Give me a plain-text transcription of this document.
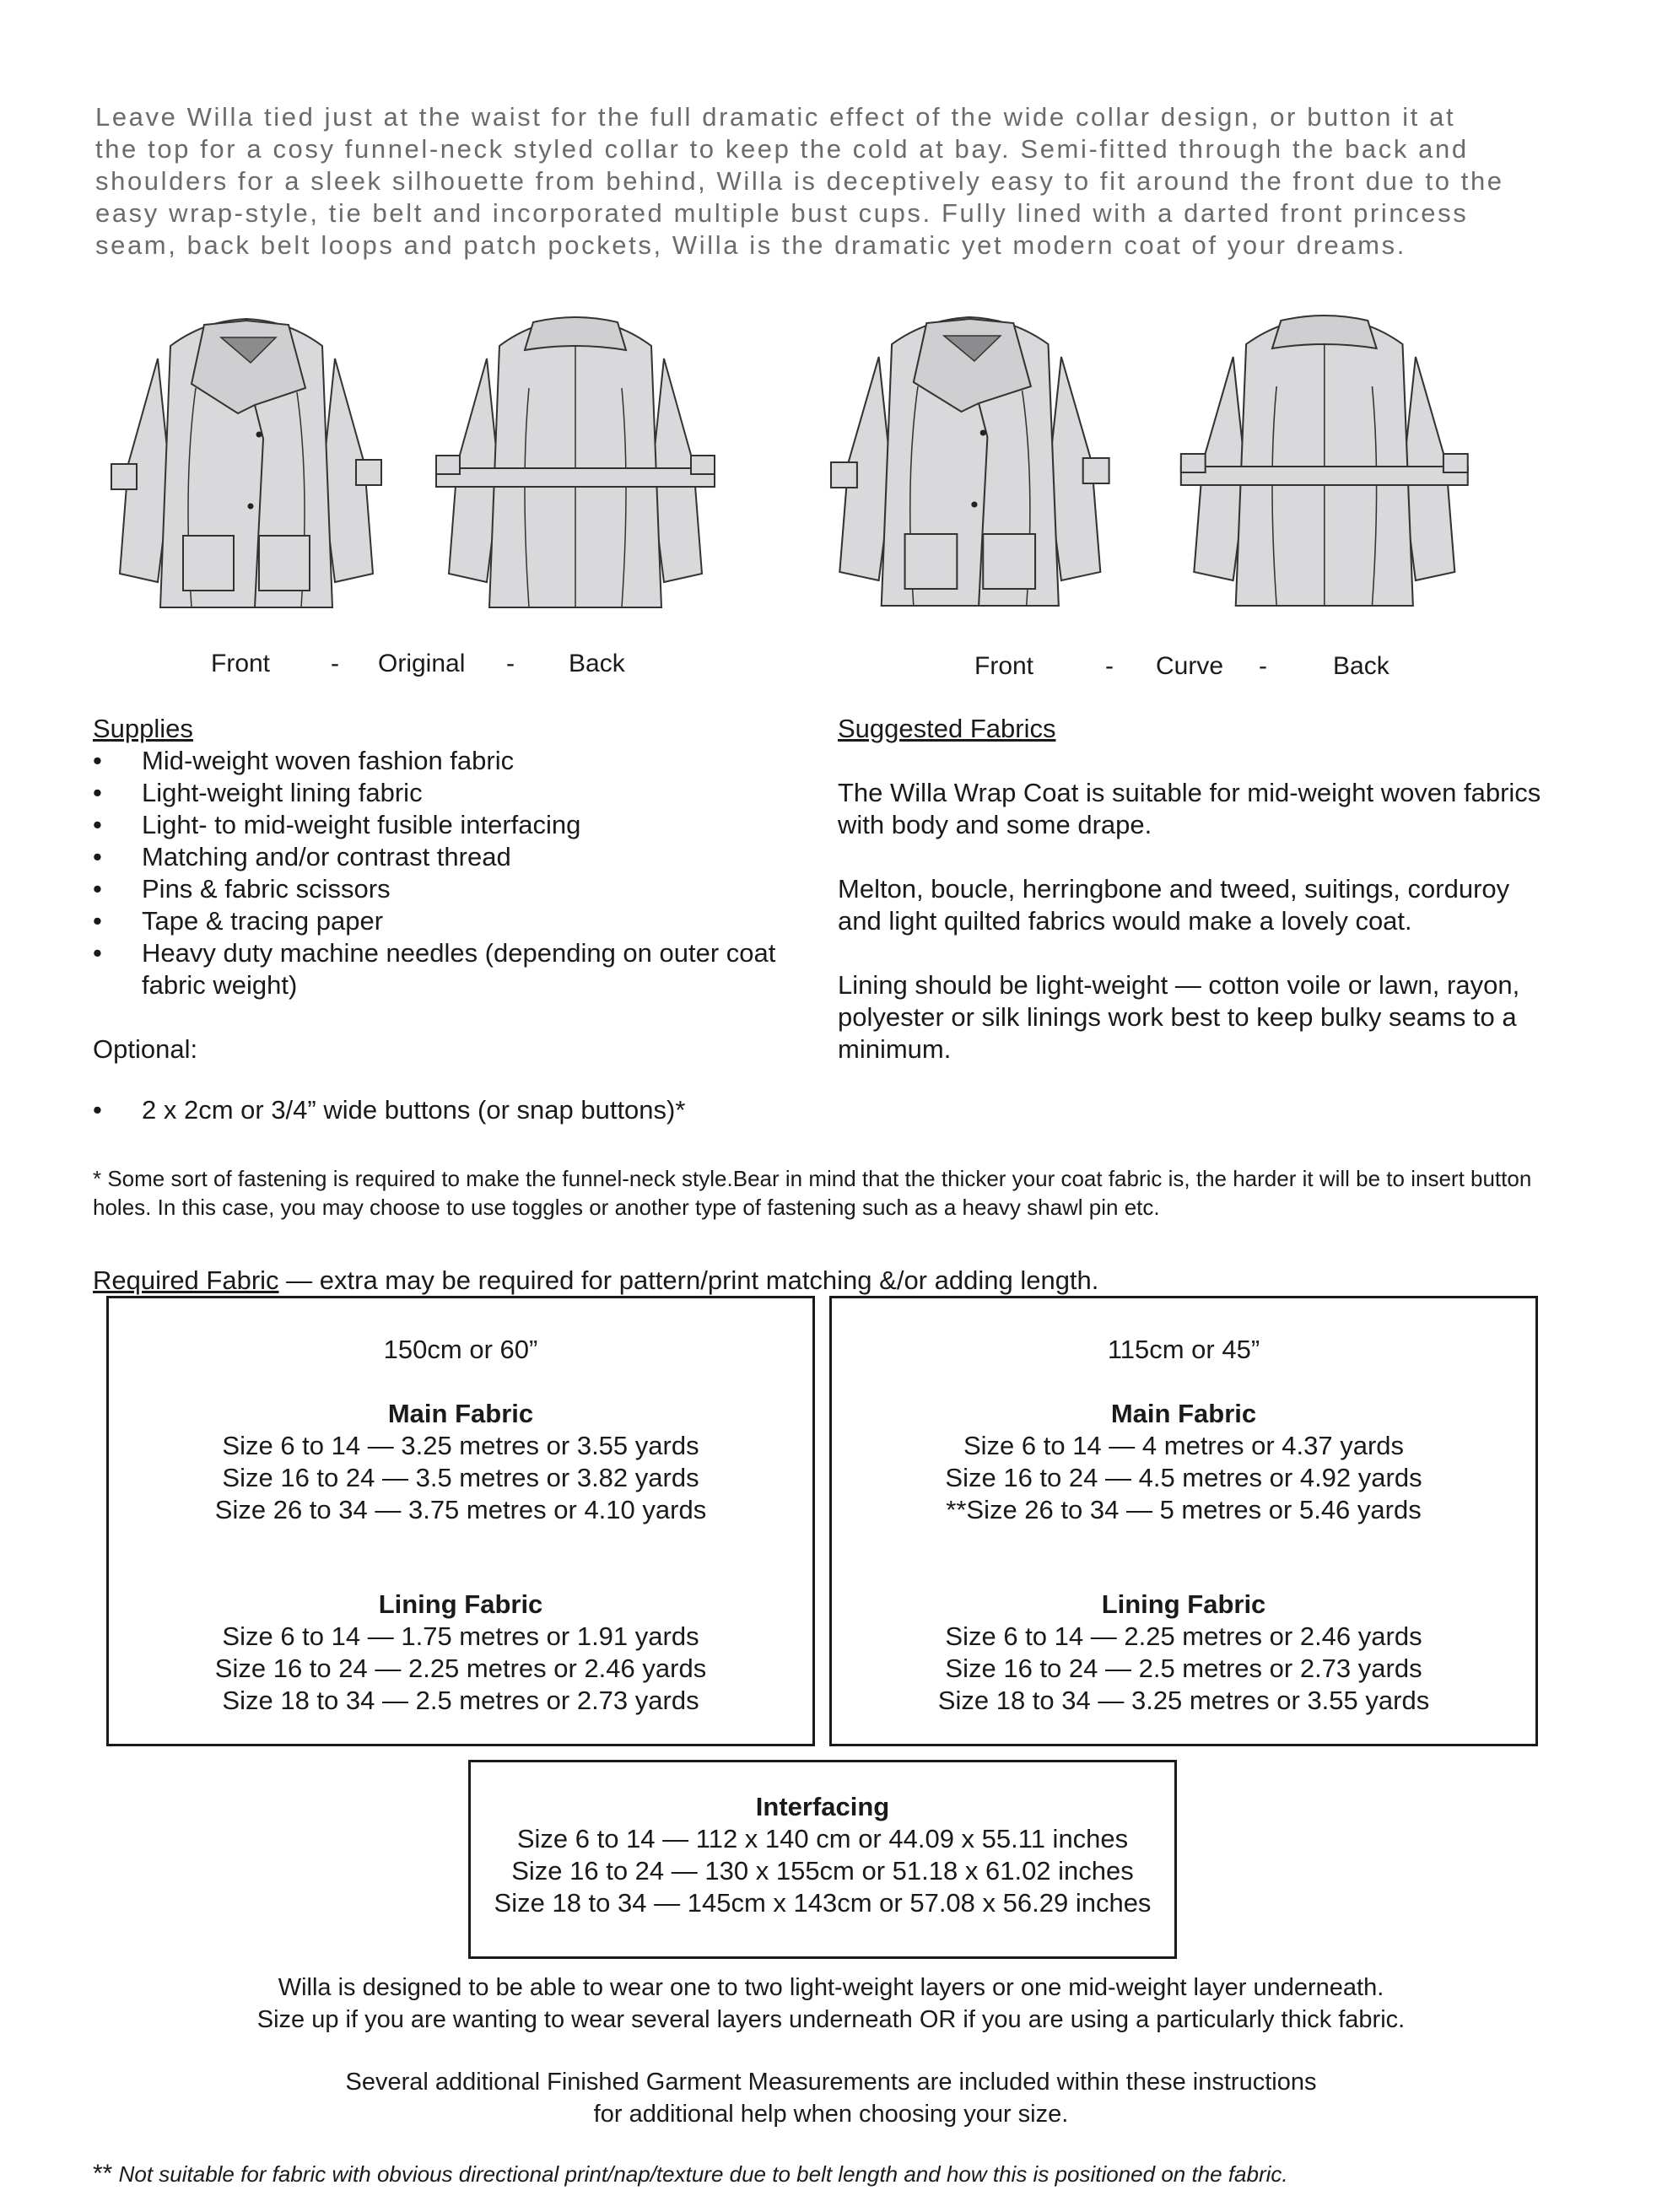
Leave Willa tied just at the waist for the full dramatic effect of the wide collar design, or button it at
the top for a cosy funnel-neck styled collar to keep the cold at bay. Semi-fitted through the back and
shoulders for a sleek silhouette from behind, Willa is deceptively easy to fit around the front due to the
easy wrap-style, tie belt and incorporated multiple bust cups. Fully lined with a darted front princess
seam, back belt loops and patch pockets, Willa is the dramatic yet modern coat of your dreams.
Front - Original - Back	Front	- Curve -	Back
Supplies
• Mid-weight woven fashion fabric
• Light-weight lining fabric
• Light- to mid-weight fusible interfacing
• Matching and/or contrast thread
• Pins & fabric scissors
• Tape & tracing paper
• Heavy duty machine needles (depending on outer coat fabric weight)
Optional:
• 2 x 2cm or 3/4” wide buttons (or snap buttons)*
Suggested Fabrics

The Willa Wrap Coat is suitable for mid-weight woven fabrics with body and some drape.

Melton, boucle, herringbone and tweed, suitings, corduroy and light quilted fabrics would make a lovely coat.

Lining should be light-weight — cotton voile or lawn, rayon, polyester or silk linings work best to keep bulky seams to a minimum.

* Some sort of fastening is required to make the funnel-neck style.Bear in mind that the thicker your coat fabric is, the harder it will be to insert button holes. In this case, you may choose to use toggles or another type of fastening such as a heavy shawl pin etc.

Required Fabric — extra may be required for pattern/print matching &/or adding length.
150cm or 60”
Main Fabric
Size 6 to 14 — 3.25 metres or 3.55 yards
Size 16 to 24 — 3.5 metres or 3.82 yards
Size 26 to 34 — 3.75 metres or 4.10 yards
Lining Fabric
Size 6 to 14 — 1.75 metres or 1.91 yards
Size 16 to 24 — 2.25 metres or 2.46 yards
Size 18 to 34 — 2.5 metres or 2.73 yards
115cm or 45”
Main Fabric
Size 6 to 14 — 4 metres or 4.37 yards
Size 16 to 24 — 4.5 metres or 4.92 yards
**Size 26 to 34 — 5 metres or 5.46 yards
Lining Fabric
Size 6 to 14 — 2.25 metres or 2.46 yards
Size 16 to 24 — 2.5 metres or 2.73 yards
Size 18 to 34 — 3.25 metres or 3.55 yards
Interfacing
Size 6 to 14 — 112 x 140 cm or 44.09 x 55.11 inches
Size 16 to 24 — 130 x 155cm or 51.18 x 61.02 inches
Size 18 to 34 — 145cm x 143cm or 57.08 x 56.29 inches
Willa is designed to be able to wear one to two light-weight layers or one mid-weight layer underneath.
Size up if you are wanting to wear several layers underneath OR if you are using a particularly thick fabric.
Several additional Finished Garment Measurements are included within these instructions
for additional help when choosing your size.
** Not suitable for fabric with obvious directional print/nap/texture due to belt length and how this is positioned on the fabric.
